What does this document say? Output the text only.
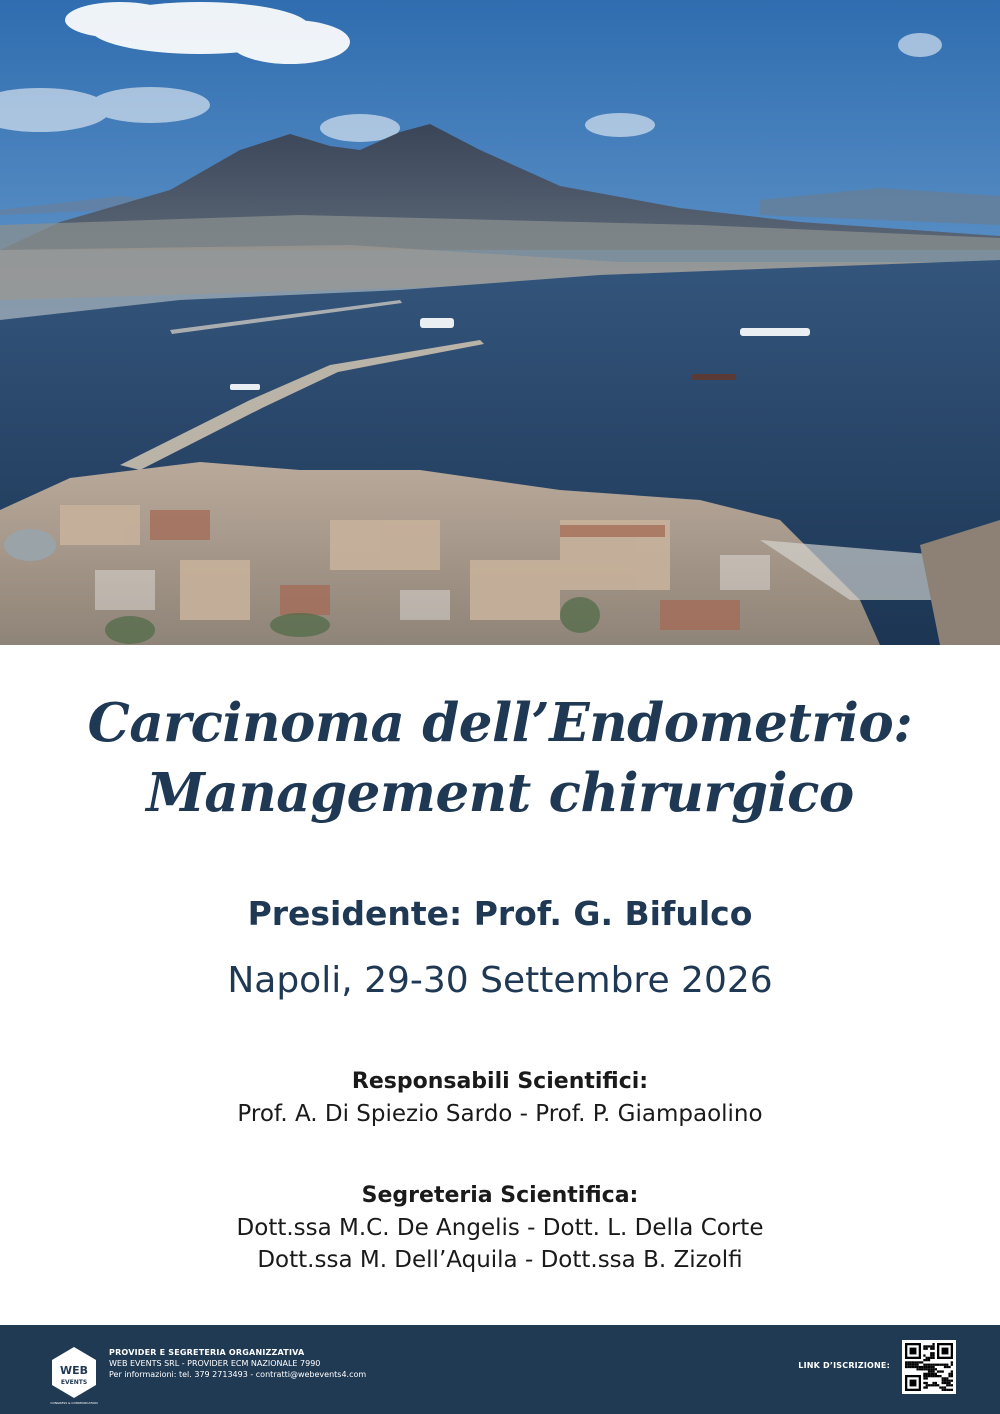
Carcinoma dell’Endometrio:
Management chirurgico
Presidente: Prof. G. Bifulco
Napoli, 29-30 Settembre 2026
Responsabili Scientifici:
Prof. A. Di Spiezio Sardo - Prof. P. Giampaolino
Segreteria Scientifica:
Dott.ssa M.C. De Angelis - Dott. L. Della Corte
Dott.ssa M. Dell’Aquila - Dott.ssa B. Zizolfi
WEB
EVENTS
CONGRESS & COMMUNICATION
PROVIDER E SEGRETERIA ORGANIZZATIVA
WEB EVENTS SRL - PROVIDER ECM NAZIONALE 7990
Per informazioni: tel. 379 2713493 - contratti@webevents4.com
LINK D’ISCRIZIONE:
